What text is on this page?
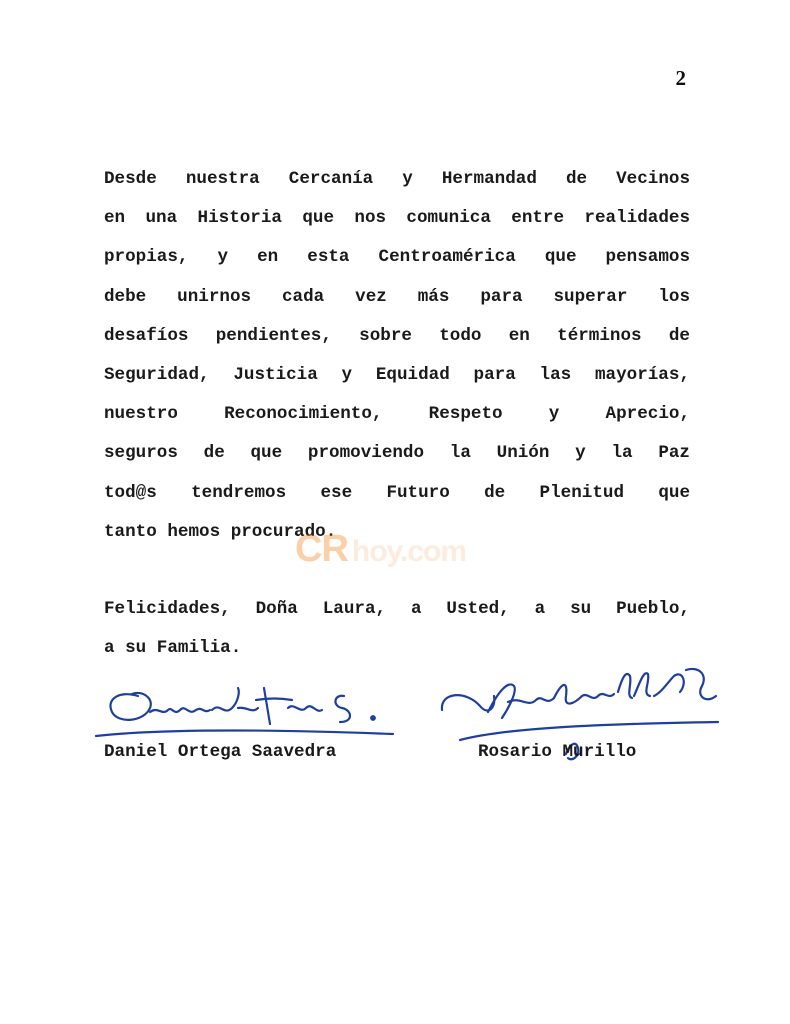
2
Desde nuestra Cercanía y Hermandad de Vecinos
en una Historia que nos comunica entre realidades
propias, y en esta Centroamérica que pensamos
debe unirnos cada vez más para superar los
desafíos pendientes, sobre todo en términos de
Seguridad, Justicia y Equidad para las mayorías,
nuestro Reconocimiento, Respeto y Aprecio,
seguros de que promoviendo la Unión y la Paz
tod@s tendremos ese Futuro de Plenitud que
tanto hemos procurado.
CR hoy.com
Felicidades, Doña Laura, a Usted, a su Pueblo,
a su Familia.
Daniel Ortega Saavedra	Rosario Murillo
